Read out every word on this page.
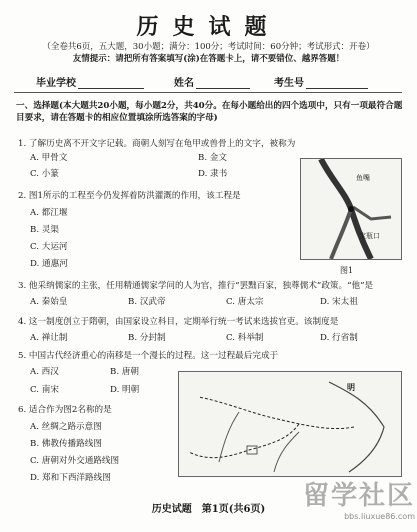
历史试题
（全卷共6页，五大题，30小题；满分：100分；考试时间：60分钟；考试形式：开卷）
友情提示：请把所有答案填写(涂)在答题卡上，请不要错位、越界答题！
毕业学校	姓名	考生号
一、选择题(本大题共20小题，每小题2分，共40分。在每小题给出的四个选项中，只有一项最符合题目要求，请在答题卡的相应位置填涂所选答案的字母)
1. 了解历史离不开文字记载。商朝人刻写在龟甲或兽骨上的文字，被称为
A. 甲骨文	B. 金文
C. 小篆	D. 隶书
2. 图1所示的工程至今仍发挥着防洪灌溉的作用，该工程是
A. 都江堰
B. 灵渠
C. 大运河
D. 通惠河
鱼嘴
宝瓶口
图1
3. 他采纳儒家的主张，任用精通儒家学问的人为官，推行“罢黜百家，独尊儒术”政策。“他”是
A. 秦始皇	B. 汉武帝	C. 唐太宗	D. 宋太祖
4. 这一制度创立于隋朝，由国家设立科目，定期举行统一考试来选拔官吏。该制度是
A. 禅让制	B. 分封制	C. 科举制	D. 行省制
5. 中国古代经济重心的南移是一个漫长的过程。这一过程最后完成于
A. 西汉	B. 唐朝
C. 南宋	D. 明朝
6. 适合作为图2名称的是
A. 丝绸之路示意图
B. 佛教传播路线图
C. 唐朝对外交通路线图
D. 郑和下西洋路线图
明
历史试题　第1页(共6页)	留学社区
bbs.liuxue86.com
